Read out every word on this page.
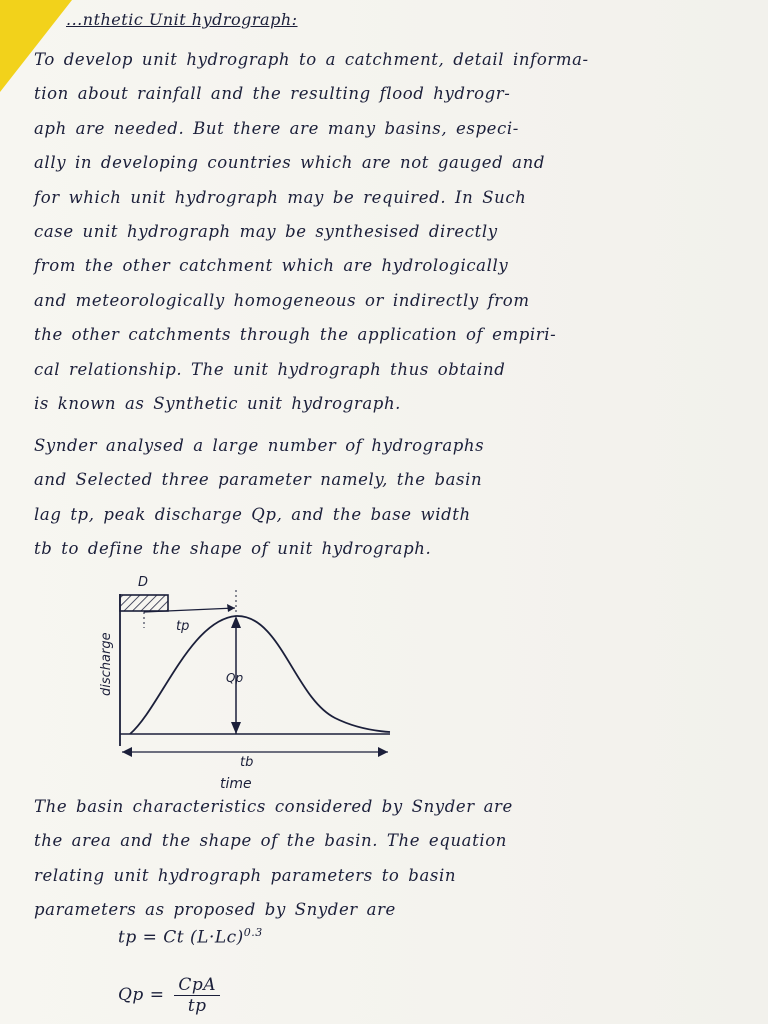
...nthetic Unit hydrograph:
To develop unit hydrograph to a catchment, detail informa-
tion about rainfall and the resulting flood hydrogr-
aph are needed. But there are many basins, especi-
ally in developing countries which are not gauged and
for which unit hydrograph may be required. In Such
case unit hydrograph may be synthesised directly
from the other catchment which are hydrologically
and meteorologically homogeneous or indirectly from
the other catchments through the application of empiri-
cal relationship. The unit hydrograph thus obtaind
is known as Synthetic unit hydrograph.
Synder analysed a large number of hydrographs
and Selected three parameter namely, the basin
lag tp, peak discharge Qp, and the base width
tb to define the shape of unit hydrograph.
D
tp
Qp
tb
time
discharge
The basin characteristics considered by Snyder are
the area and the shape of the basin. The equation
relating unit hydrograph parameters to basin
parameters as proposed by Snyder are
tp = Ct $(L\cdot Lc)^{0.3}$
$Qp = \frac{\text{CpA}}{tp}$
